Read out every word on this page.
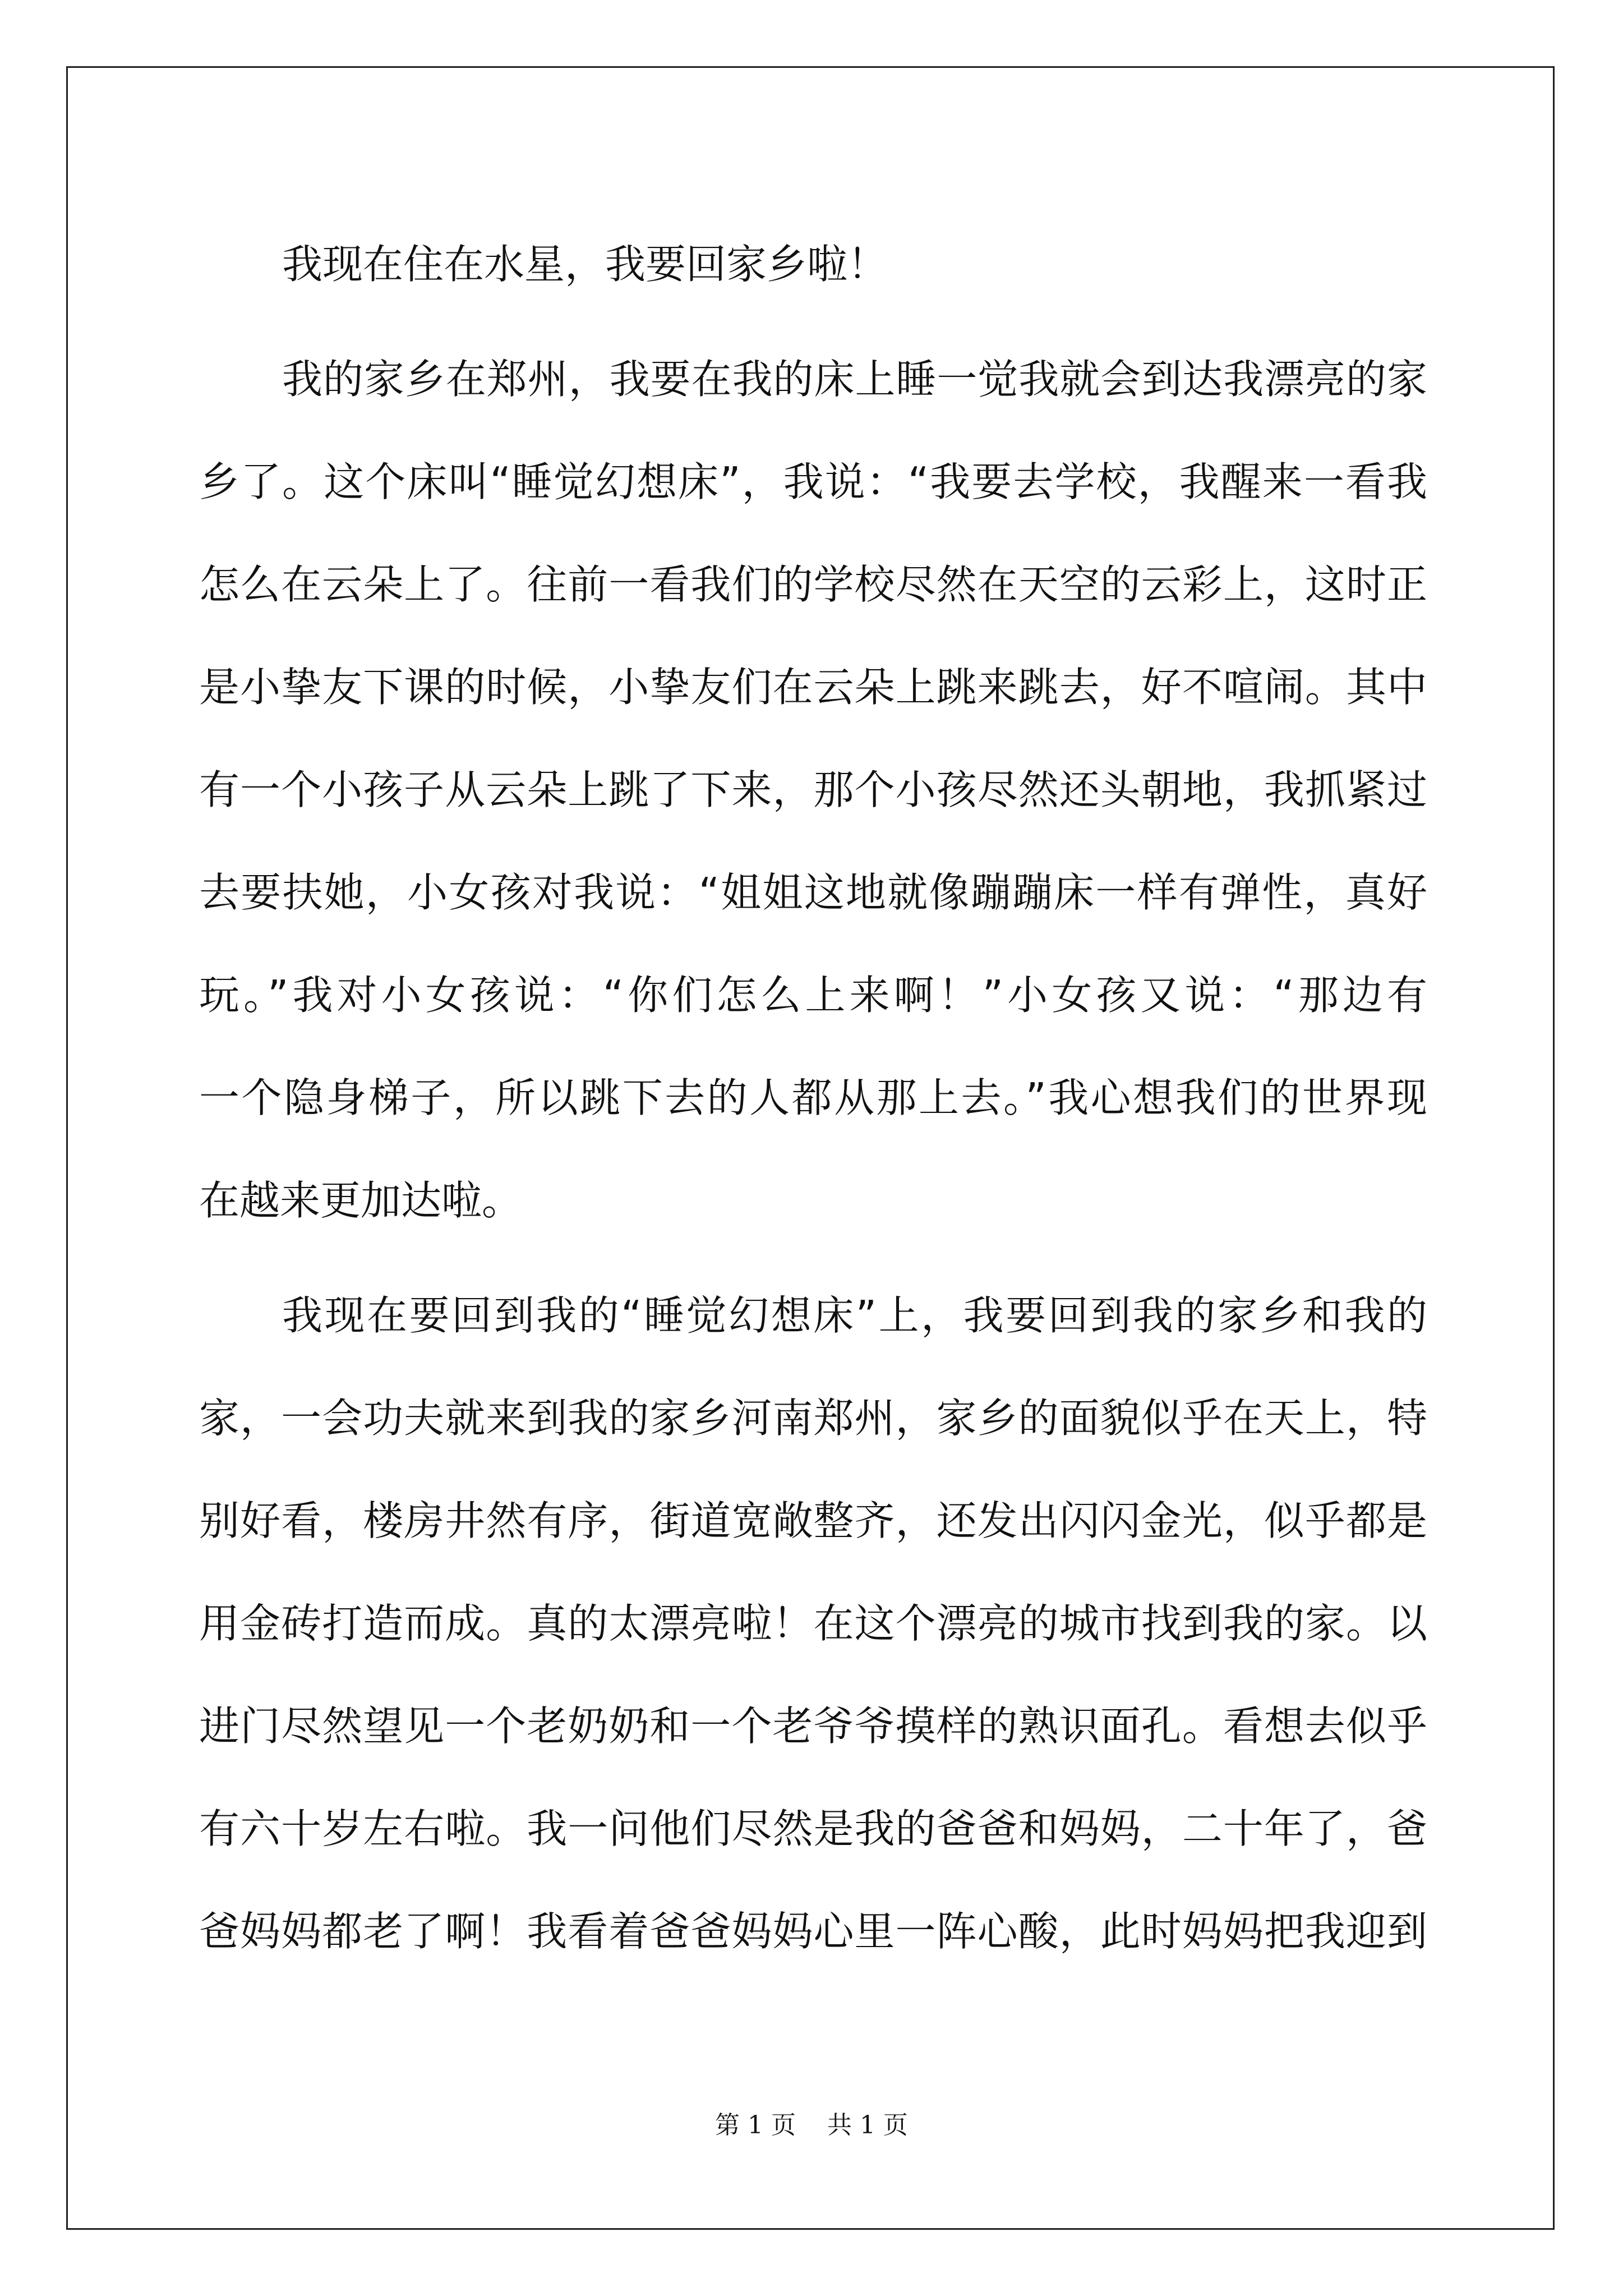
我现在住在水星，我要回家乡啦！
我的家乡在郑州，我要在我的床上睡一觉我就会到达我漂亮的家
乡了。这个床叫“睡觉幻想床”，我说：“我要去学校，我醒来一看我
怎么在云朵上了。往前一看我们的学校尽然在天空的云彩上，这时正
是小挚友下课的时候，小挚友们在云朵上跳来跳去，好不喧闹。其中
有一个小孩子从云朵上跳了下来，那个小孩尽然还头朝地，我抓紧过
去要扶她，小女孩对我说：“姐姐这地就像蹦蹦床一样有弹性，真好
玩。”我对小女孩说：“你们怎么上来啊！”小女孩又说：“那边有
一个隐身梯子，所以跳下去的人都从那上去。”我心想我们的世界现
在越来更加达啦。
我现在要回到我的“睡觉幻想床”上，我要回到我的家乡和我的
家，一会功夫就来到我的家乡河南郑州，家乡的面貌似乎在天上，特
别好看，楼房井然有序，街道宽敞整齐，还发出闪闪金光，似乎都是
用金砖打造而成。真的太漂亮啦！在这个漂亮的城市找到我的家。以
进门尽然望见一个老奶奶和一个老爷爷摸样的熟识面孔。看想去似乎
有六十岁左右啦。我一问他们尽然是我的爸爸和妈妈，二十年了，爸
爸妈妈都老了啊！我看着爸爸妈妈心里一阵心酸，此时妈妈把我迎到
第 1 页    共 1 页
